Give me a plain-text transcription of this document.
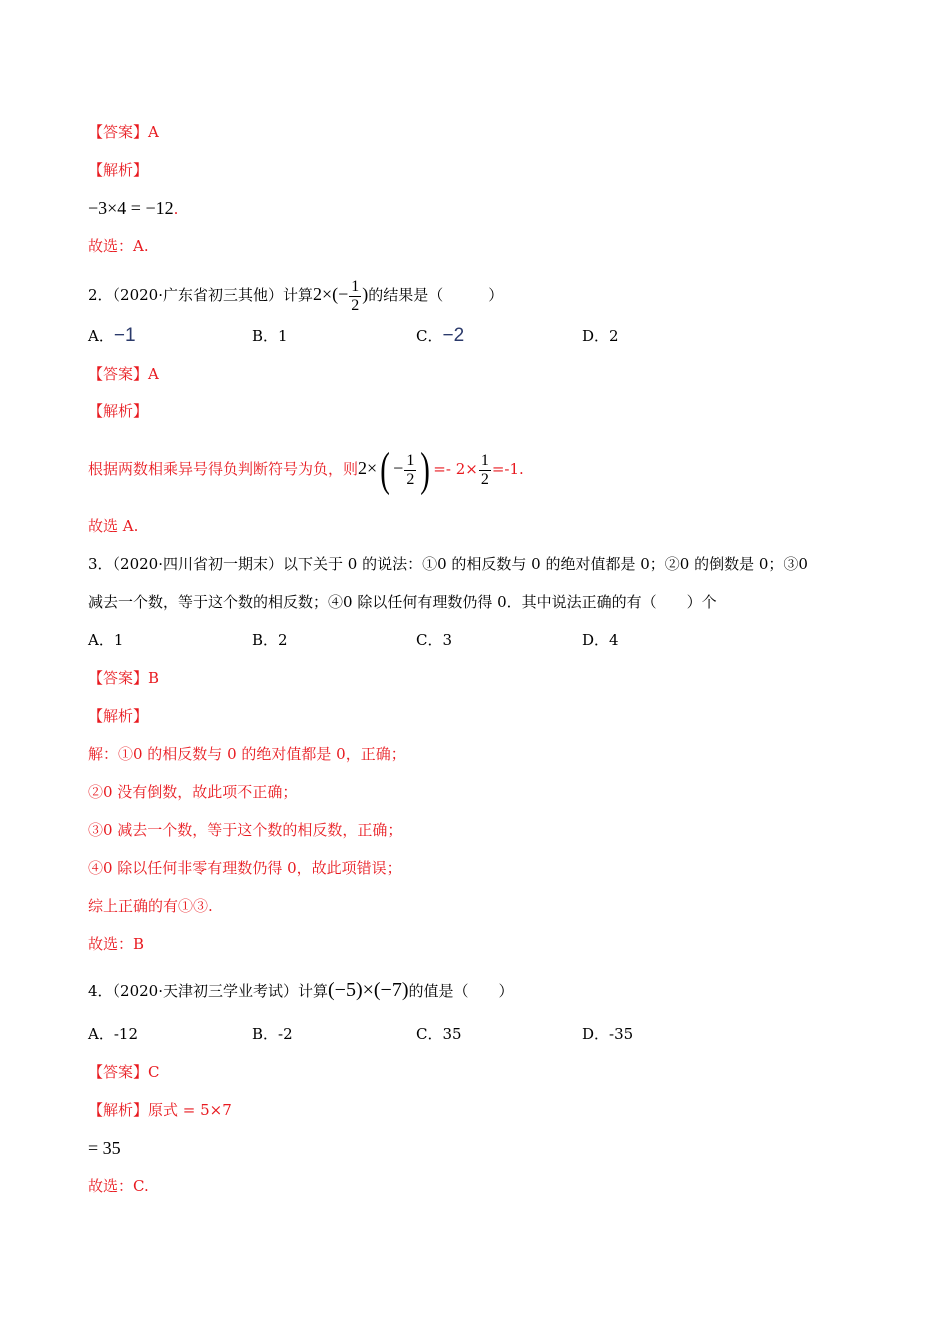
【答案】A
【解析】
−3×4 = −12.
故选：A.
2．（2020·广东省初三其他）计算$2\times(- \frac{1}{2}$ )的结果是（　　　）
A．−1	B．1	C．−2	D．2
【答案】A
【解析】
根据两数相乘异号得负判断符号为负，则$2\times( - \frac{1}{2}$ ) =- $2\times \frac{1}{2} =-1$.
故选 A.
3．（2020·四川省初一期末）以下关于 0 的说法：①0 的相反数与 0 的绝对值都是 0；②0 的倒数是 0；③0
减去一个数，等于这个数的相反数；④0 除以任何有理数仍得 0．其中说法正确的有（　　）个
A．1	B．2	C．3	D．4
【答案】B
【解析】
解：①0 的相反数与 0 的绝对值都是 0，正确；
②0 没有倒数，故此项不正确；
③0 减去一个数，等于这个数的相反数，正确；
④0 除以任何非零有理数仍得 0，故此项错误；
综上正确的有①③.
故选：B
4．（2020·天津初三学业考试）计算(−5)×(−7)的值是（　　）
A．-12	B．-2	C．35	D．-35
【答案】C
【解析】原式 = 5×7
= 35
故选：C.
